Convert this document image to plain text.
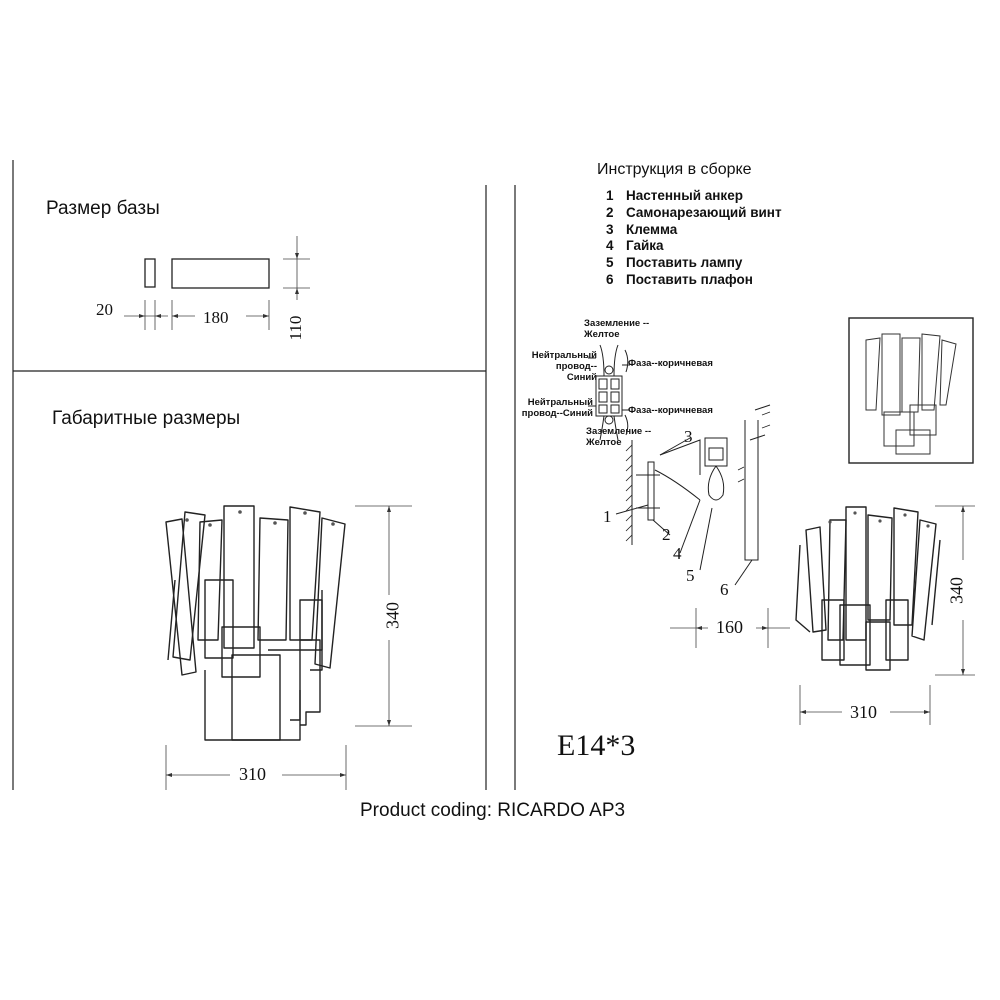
Размер базы
20	180	110
Габаритные размеры
340
310
Инструкция в сборке
1 Настенный анкер
2 Самонарезающий винт
3 Клемма
4 Гайка
5 Поставить лампу
6 Поставить плафон
Заземление --Желтое
Нейтральный провод--Синий
Фаза--коричневая
Нейтральный провод--Синий	Фаза--коричневая
Заземление --Желтое
1
2
3
4
5
6
160
340
310
E14*3
Product coding: RICARDO AP3
